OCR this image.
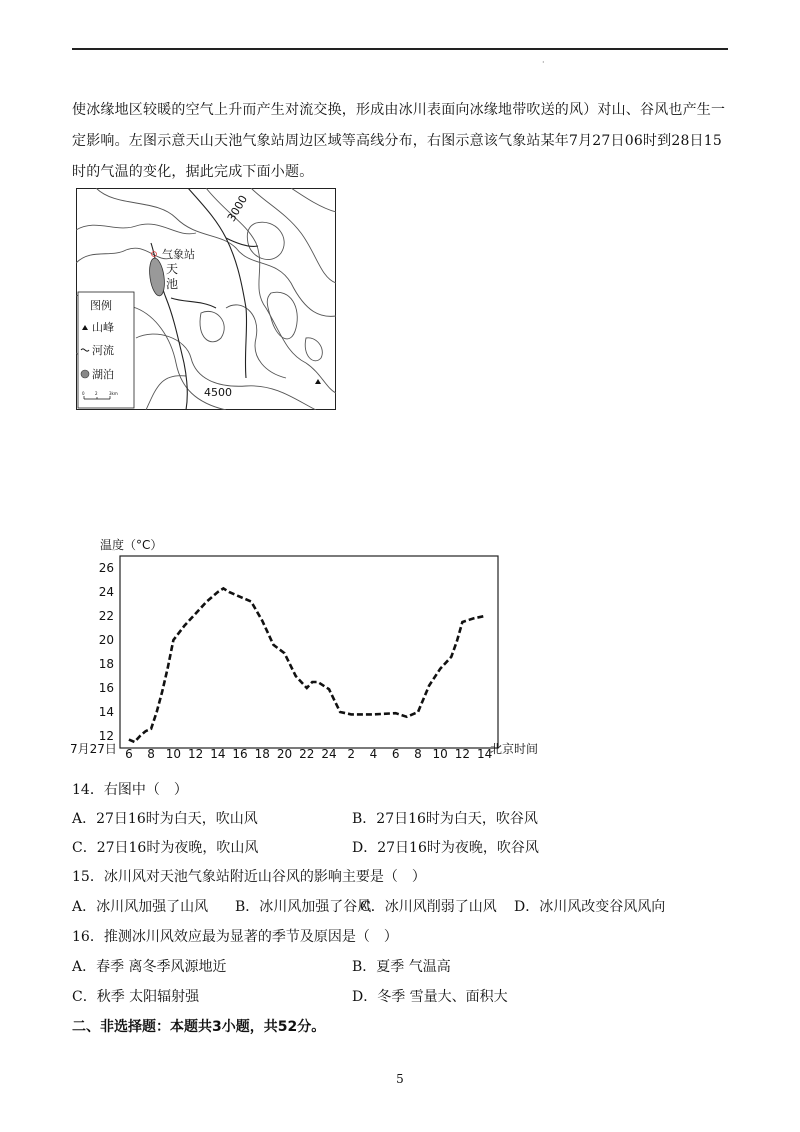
·
使冰缘地区较暖的空气上升而产生对流交换，形成由冰川表面向冰缘地带吹送的风）对山、谷风也产生一
定影响。左图示意天山天池气象站周边区域等高线分布，右图示意该气象站某年7月27日06时到28日15
时的气温的变化，据此完成下面小题。
气象站
天
池
3000
4500
图例
山峰
河流
湖泊
0	2	3km
温度（°C）
12
14
16
18
20
22
24
26
6 8 10 12 14 16 18 20 22 24 2 4 6 8 10 12 14
7月27日	北京时间
14．右图中（　）
A．27日16时为白天，吹山风	B．27日16时为白天，吹谷风
C．27日16时为夜晚，吹山风	D．27日16时为夜晚，吹谷风
15．冰川风对天池气象站附近山谷风的影响主要是（　）
A．冰川风加强了山风 B．冰川风加强了谷风
C．冰川风削弱了山风 D．冰川风改变谷风风向
16．推测冰川风效应最为显著的季节及原因是（　）
A．春季 离冬季风源地近	B．夏季 气温高
C．秋季 太阳辐射强	D．冬季 雪量大、面积大
二、非选择题：本题共3小题，共52分。
5
